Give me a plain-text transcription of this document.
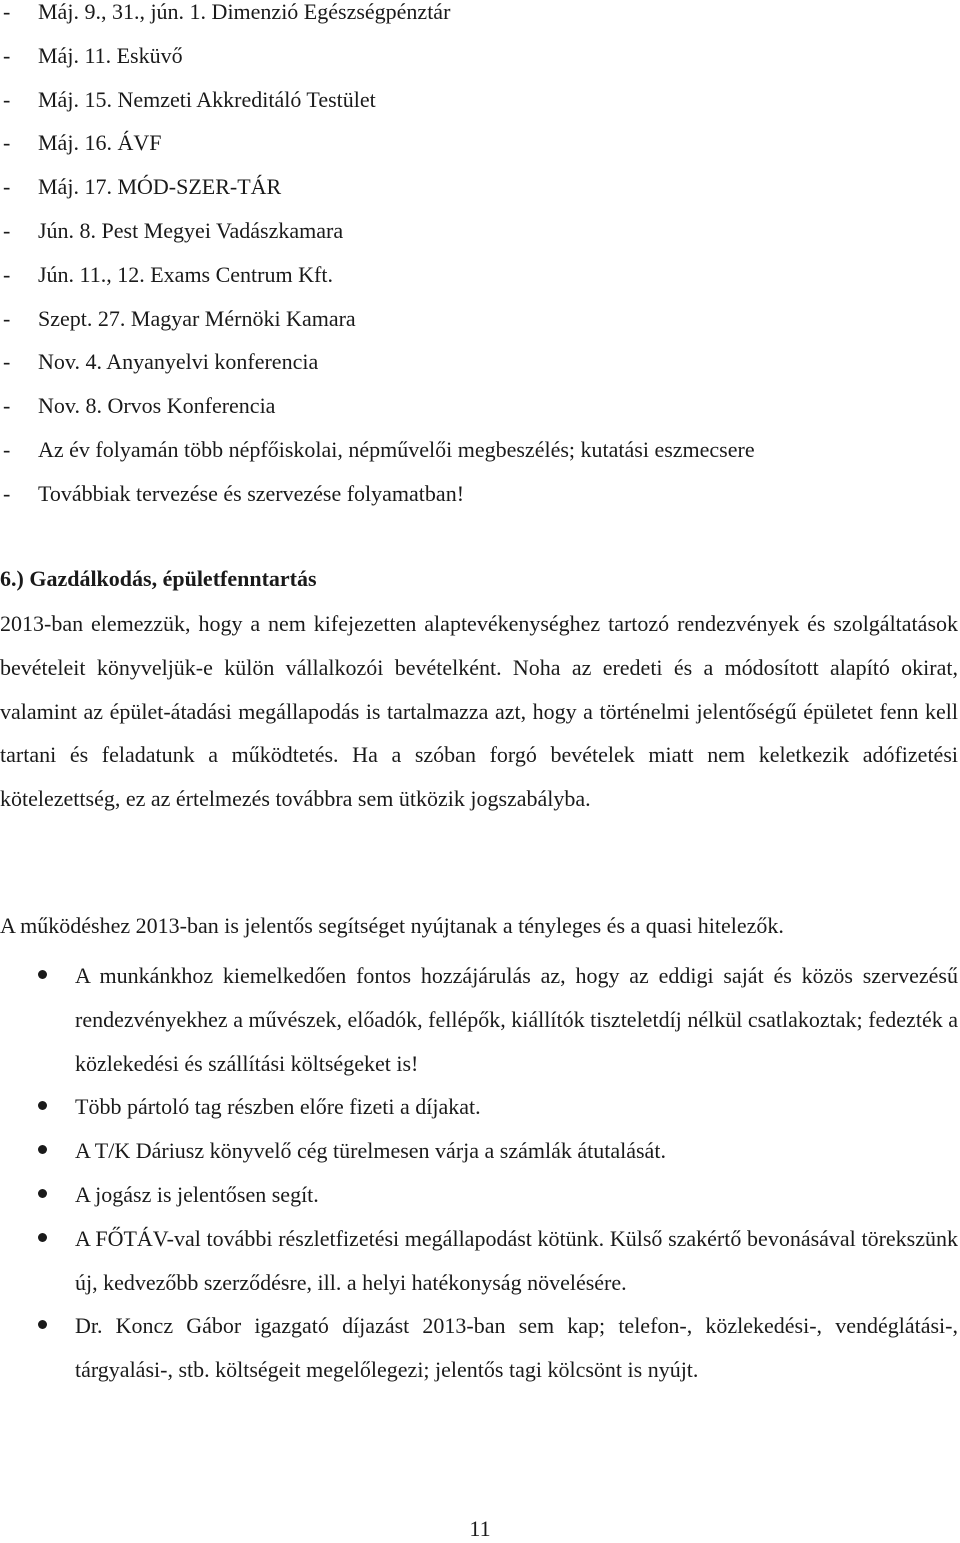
- Máj. 9., 31., jún. 1. Dimenzió Egészségpénztár
- Máj. 11. Esküvő
- Máj. 15. Nemzeti Akkreditáló Testület
- Máj. 16. ÁVF
- Máj. 17. MÓD-SZER-TÁR
- Jún. 8. Pest Megyei Vadászkamara
- Jún. 11., 12. Exams Centrum Kft.
- Szept. 27. Magyar Mérnöki Kamara
- Nov. 4. Anyanyelvi konferencia
- Nov. 8. Orvos Konferencia
- Az év folyamán több népfőiskolai, népművelői megbeszélés; kutatási eszmecsere
- Továbbiak tervezése és szervezése folyamatban!
6.) Gazdálkodás, épületfenntartás

2013-ban elemezzük, hogy a nem kifejezetten alaptevékenységhez tartozó rendezvények és szolgáltatások bevételeit könyveljük-e külön vállalkozói bevételként. Noha az eredeti és a módosított alapító okirat, valamint az épület-átadási megállapodás is tartalmazza azt, hogy a történelmi jelentőségű épületet fenn kell tartani és feladatunk a működtetés. Ha a szóban forgó bevételek miatt nem keletkezik adófizetési kötelezettség, ez az értelmezés továbbra sem ütközik jogszabályba.

A működéshez 2013-ban is jelentős segítséget nyújtanak a tényleges és a quasi hitelezők.

A munkánkhoz kiemelkedően fontos hozzájárulás az, hogy az eddigi saját és közös szervezésű rendezvényekhez a művészek, előadók, fellépők, kiállítók tiszteletdíj nélkül csatlakoztak; fedezték a közlekedési és szállítási költségeket is!
Több pártoló tag részben előre fizeti a díjakat.
A T/K Dáriusz könyvelő cég türelmesen várja a számlák átutalását.
A jogász is jelentősen segít.
A FŐTÁV-val további részletfizetési megállapodást kötünk. Külső szakértő bevonásával törekszünk új, kedvezőbb szerződésre, ill. a helyi hatékonyság növelésére.
Dr. Koncz Gábor igazgató díjazást 2013-ban sem kap; telefon-, közlekedési-, vendéglátási-, tárgyalási-, stb. költségeit megelőlegezi; jelentős tagi kölcsönt is nyújt.
11
